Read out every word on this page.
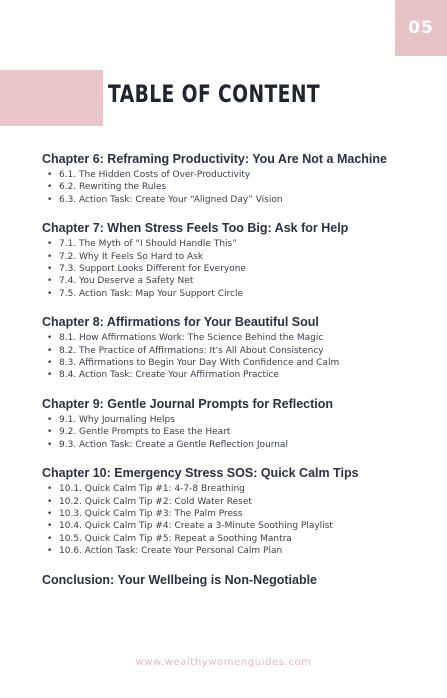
05
TABLE OF CONTENT
Chapter 6: Reframing Productivity: You Are Not a Machine
• 6.1. The Hidden Costs of Over-Productivity
• 6.2. Rewriting the Rules
• 6.3. Action Task: Create Your “Aligned Day” Vision
Chapter 7: When Stress Feels Too Big: Ask for Help
• 7.1. The Myth of “I Should Handle This”
• 7.2. Why It Feels So Hard to Ask
• 7.3. Support Looks Different for Everyone
• 7.4. You Deserve a Safety Net
• 7.5. Action Task: Map Your Support Circle
Chapter 8: Affirmations for Your Beautiful Soul
• 8.1. How Affirmations Work: The Science Behind the Magic
• 8.2. The Practice of Affirmations: It's All About Consistency
• 8.3. Affirmations to Begin Your Day With Confidence and Calm
• 8.4. Action Task: Create Your Affirmation Practice
Chapter 9: Gentle Journal Prompts for Reflection
• 9.1. Why Journaling Helps
• 9.2. Gentle Prompts to Ease the Heart
• 9.3. Action Task: Create a Gentle Reflection Journal
Chapter 10: Emergency Stress SOS: Quick Calm Tips
• 10.1. Quick Calm Tip #1: 4-7-8 Breathing
• 10.2. Quick Calm Tip #2: Cold Water Reset
• 10.3. Quick Calm Tip #3: The Palm Press
• 10.4. Quick Calm Tip #4: Create a 3-Minute Soothing Playlist
• 10.5. Quick Calm Tip #5: Repeat a Soothing Mantra
• 10.6. Action Task: Create Your Personal Calm Plan
Conclusion: Your Wellbeing is Non-Negotiable
www.wealthywomenguides.com
